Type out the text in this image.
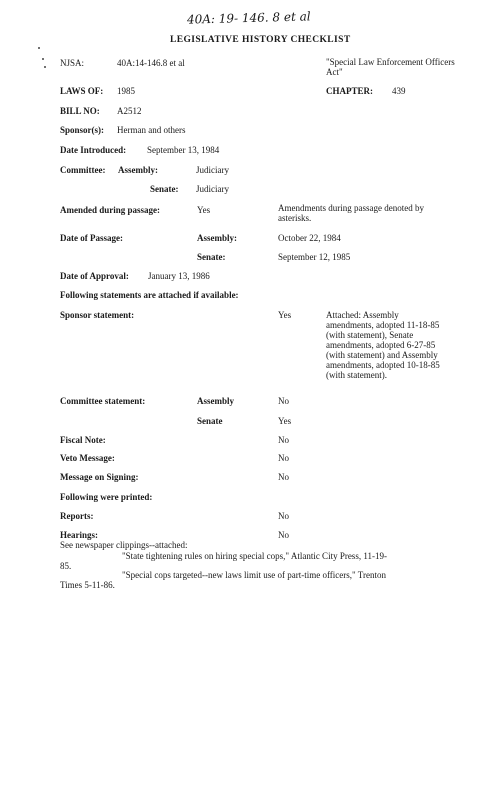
40A: 19- 146. 8 et al
LEGISLATIVE HISTORY CHECKLIST
NJSA:	40A:14-146.8 et al	"Special Law Enforcement Officers Act"
LAWS OF: 1985	CHAPTER: 439
BILL NO: A2512
Sponsor(s): Herman and others
Date Introduced: September 13, 1984
Committee: Assembly:	Judiciary
Senate: Judiciary
Amended during passage:	Yes	Amendments during passage denoted by asterisks.
Date of Passage:	Assembly:	October 22, 1984
Senate:	September 12, 1985
Date of Approval: January 13, 1986
Following statements are attached if available:
Sponsor statement:	Yes	Attached: Assembly amendments, adopted 11-18-85 (with statement), Senate amendments, adopted 6-27-85 (with statement) and Assembly amendments, adopted 10-18-85 (with statement).
Committee statement:	Assembly	No
Senate	Yes
Fiscal Note:	No
Veto Message:	No
Message on Signing:	No
Following were printed:
Reports:	No
Hearings:	No
See newspaper clippings--attached:
"State tightening rules on hiring special cops," Atlantic City Press, 11-19-85.
"Special cops targeted--new laws limit use of part-time officers," Trenton Times 5-11-86.
